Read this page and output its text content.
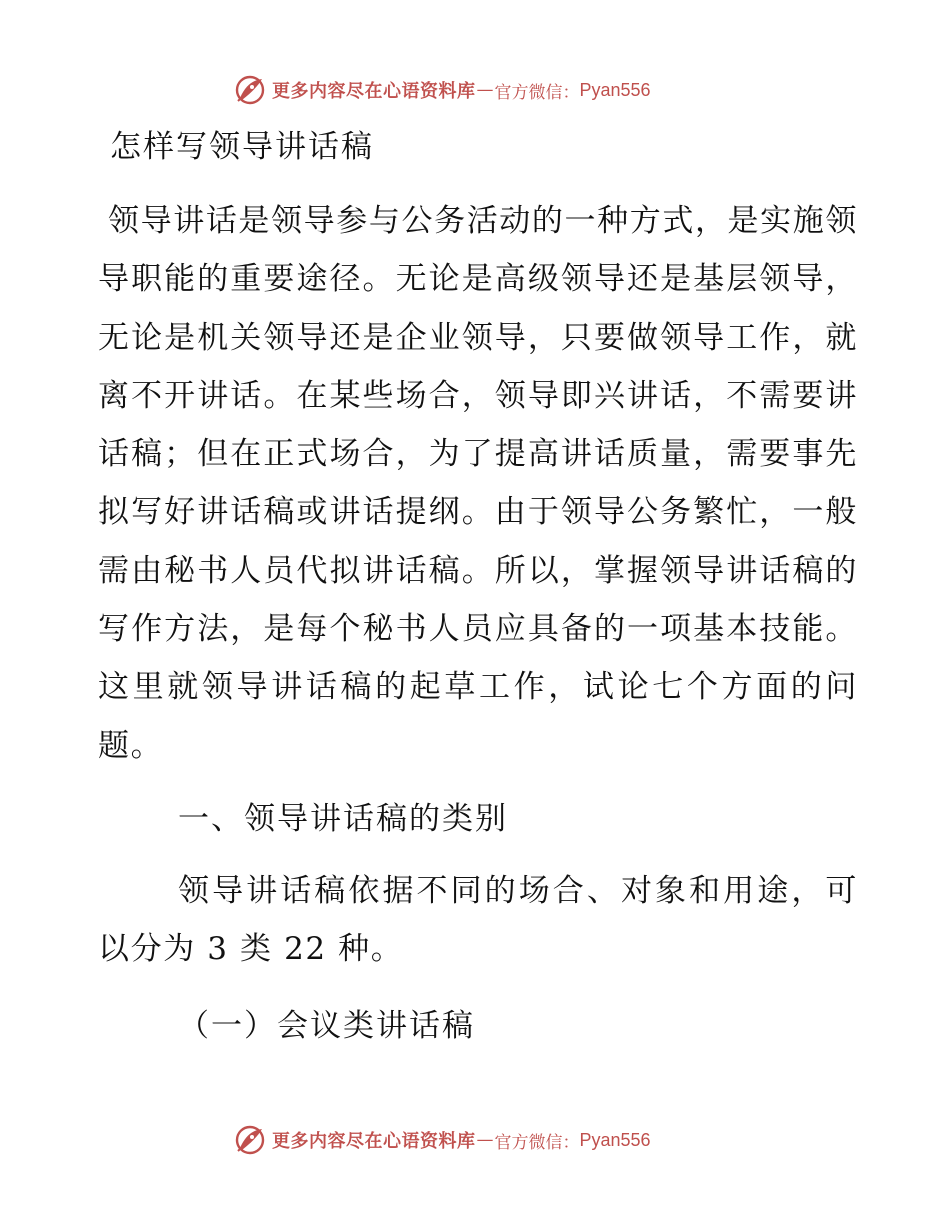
更多内容尽在心语资料库 — 官方微信： Pyan556
怎样写领导讲话稿

领导讲话是领导参与公务活动的一种方式，是实施领导职能的重要途径。无论是高级领导还是基层领导，无论是机关领导还是企业领导，只要做领导工作，就离不开讲话。在某些场合，领导即兴讲话，不需要讲话稿；但在正式场合，为了提高讲话质量，需要事先拟写好讲话稿或讲话提纲。由于领导公务繁忙，一般需由秘书人员代拟讲话稿。所以，掌握领导讲话稿的写作方法，是每个秘书人员应具备的一项基本技能。这里就领导讲话稿的起草工作，试论七个方面的问题。

一、领导讲话稿的类别

领导讲话稿依据不同的场合、对象和用途，可以分为 3 类 22 种。

（一）会议类讲话稿
更多内容尽在心语资料库 — 官方微信： Pyan556
